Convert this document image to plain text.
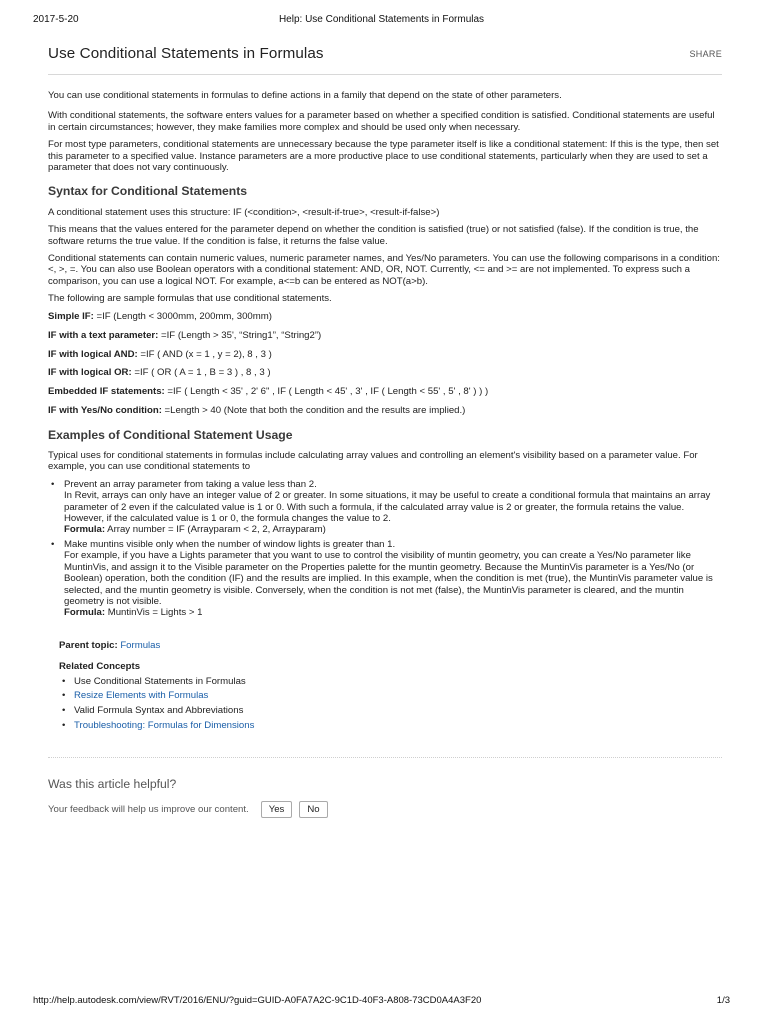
2017-5-20	Help: Use Conditional Statements in Formulas
Use Conditional Statements in Formulas	SHARE

You can use conditional statements in formulas to define actions in a family that depend on the state of other parameters.

With conditional statements, the software enters values for a parameter based on whether a specified condition is satisfied. Conditional statements are useful in certain circumstances; however, they make families more complex and should be used only when necessary.

For most type parameters, conditional statements are unnecessary because the type parameter itself is like a conditional statement: If this is the type, then set this parameter to a specified value. Instance parameters are a more productive place to use conditional statements, particularly when they are used to set a parameter that does not vary continuously.

Syntax for Conditional Statements

A conditional statement uses this structure: IF (<condition>, <result-if-true>, <result-if-false>)

This means that the values entered for the parameter depend on whether the condition is satisfied (true) or not satisfied (false). If the condition is true, the software returns the true value. If the condition is false, it returns the false value.

Conditional statements can contain numeric values, numeric parameter names, and Yes/No parameters. You can use the following comparisons in a condition: <, >, =. You can also use Boolean operators with a conditional statement: AND, OR, NOT. Currently, <= and >= are not implemented. To express such a comparison, you can use a logical NOT. For example, a<=b can be entered as NOT(a>b).

The following are sample formulas that use conditional statements.

Simple IF: =IF (Length < 3000mm, 200mm, 300mm)
IF with a text parameter: =IF (Length > 35', “String1”, “String2”)
IF with logical AND: =IF ( AND (x = 1 , y = 2), 8 , 3 )
IF with logical OR: =IF ( OR ( A = 1 , B = 3 ) , 8 , 3 )
Embedded IF statements: =IF ( Length < 35' , 2' 6" , IF ( Length < 45' , 3' , IF ( Length < 55' , 5' , 8' ) ) )
IF with Yes/No condition: =Length > 40 (Note that both the condition and the results are implied.)
Examples of Conditional Statement Usage

Typical uses for conditional statements in formulas include calculating array values and controlling an element's visibility based on a parameter value. For example, you can use conditional statements to

• Prevent an array parameter from taking a value less than 2.
In Revit, arrays can only have an integer value of 2 or greater. In some situations, it may be useful to create a conditional formula that maintains an array parameter of 2 even if the calculated value is 1 or 0. With such a formula, if the calculated array value is 2 or greater, the formula retains the value. However, if the calculated value is 1 or 0, the formula changes the value to 2.
Formula: Array number = IF (Arrayparam < 2, 2, Arrayparam)
• Make muntins visible only when the number of window lights is greater than 1.
For example, if you have a Lights parameter that you want to use to control the visibility of muntin geometry, you can create a Yes/No parameter like MuntinVis, and assign it to the Visible parameter on the Properties palette for the muntin geometry. Because the MuntinVis parameter is a Yes/No (or Boolean) operation, both the condition (IF) and the results are implied. In this example, when the condition is met (true), the MuntinVis parameter value is selected, and the muntin geometry is visible. Conversely, when the condition is not met (false), the MuntinVis parameter is cleared, and the muntin geometry is not visible.
Formula: MuntinVis = Lights > 1
Parent topic: Formulas
Related Concepts
• Use Conditional Statements in Formulas
• Resize Elements with Formulas
• Valid Formula Syntax and Abbreviations
• Troubleshooting: Formulas for Dimensions
Was this article helpful?
Your feedback will help us improve our content.	Yes	No
http://help.autodesk.com/view/RVT/2016/ENU/?guid=GUID-A0FA7A2C-9C1D-40F3-A808-73CD0A4A3F20	1/3
